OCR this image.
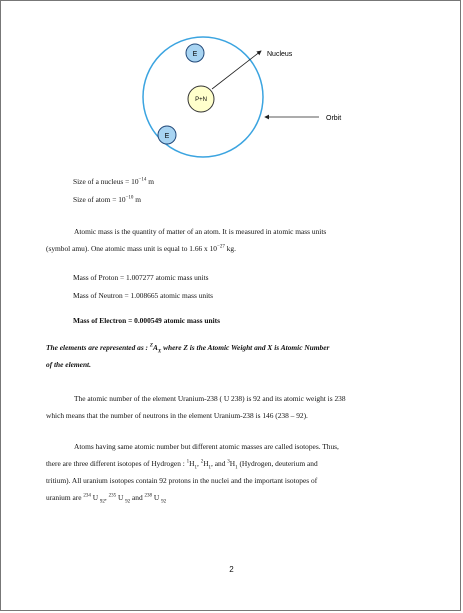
P+N
E
E
Nucleus
Orbit
Size of a nucleus = $10^{-14}$ m
Size of atom = $10^{-10}$ m
Atomic mass is the quantity of matter of an atom. It is measured in atomic mass units
(symbol amu). One atomic mass unit is equal to 1.66 x $10^{-27}$ kg.
Mass of Proton = 1.007277 atomic mass units
Mass of Neutron = 1.008665 atomic mass units
Mass of Electron = 0.000549 atomic mass units
The elements are represented as : $^ZA_X$ where Z is the Atomic Weight and X is Atomic Number
of the element.
The atomic number of the element Uranium-238 ( U 238) is 92 and its atomic weight is 238
which means that the number of neutrons in the element Uranium-238 is 146 (238 – 92).
Atoms having same atomic number but different atomic masses are called isotopes. Thus,
there are three different isotopes of Hydrogen : $^1H_1$, $^2H_1$, and $^3H_1$ (Hydrogen, deuterium and
tritium). All uranium isotopes contain 92 protons in the nuclei and the important isotopes of
uranium are $^{234}$ U $_{92}$, $^{235}$ U $_{92}$ and $^{238}$ U $_{92}$
2
